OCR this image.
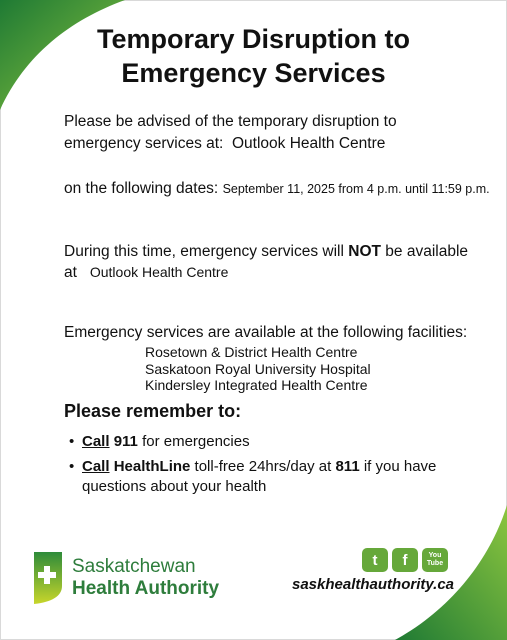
Temporary Disruption to
Emergency Services
Please be advised of the temporary disruption to
emergency services at: Outlook Health Centre
on the following dates: September 11, 2025 from 4 p.m. until 11:59 p.m.
During this time, emergency services will NOT be available
at Outlook Health Centre
Emergency services are available at the following facilities:
Rosetown & District Health Centre
Saskatoon Royal University Hospital
Kindersley Integrated Health Centre
Please remember to:
• Call 911 for emergencies
• Call HealthLine toll-free 24hrs/day at 811 if you have questions about your health
Saskatchewan
Health Authority
t	f	You Tube
saskhealthauthority.ca
